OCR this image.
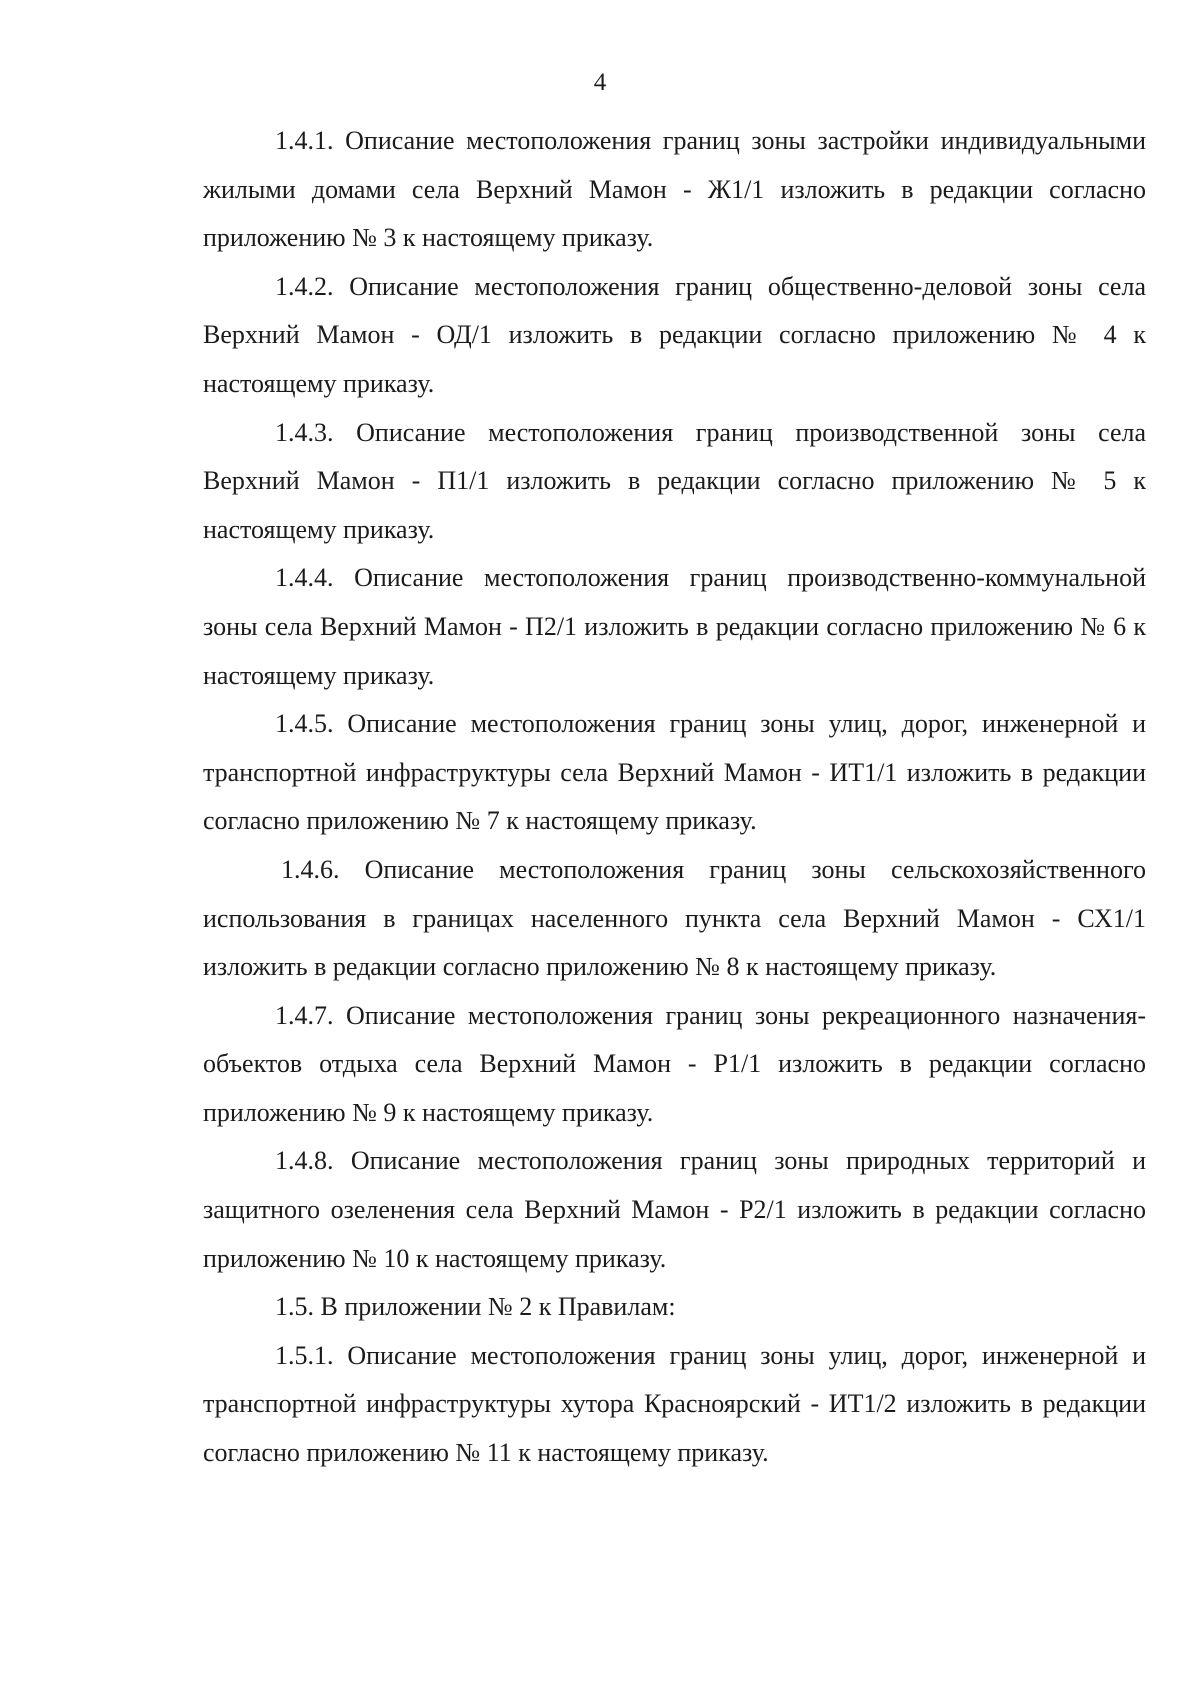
4

1.4.1. Описание местоположения границ зоны застройки индивидуальными жилыми домами села Верхний Мамон - Ж1/1 изложить в редакции согласно приложению № 3 к настоящему приказу.

1.4.2. Описание местоположения границ общественно-деловой зоны села Верхний Мамон - ОД/1 изложить в редакции согласно приложению № 4 к настоящему приказу.

1.4.3. Описание местоположения границ производственной зоны села Верхний Мамон - П1/1 изложить в редакции согласно приложению № 5 к настоящему приказу.

1.4.4. Описание местоположения границ производственно-коммунальной зоны села Верхний Мамон - П2/1 изложить в редакции согласно приложению № 6 к настоящему приказу.

1.4.5. Описание местоположения границ зоны улиц, дорог, инженерной и транспортной инфраструктуры села Верхний Мамон - ИТ1/1 изложить в редакции согласно приложению № 7 к настоящему приказу.

1.4.6. Описание местоположения границ зоны сельскохозяйственного использования в границах населенного пункта села Верхний Мамон - СХ1/1 изложить в редакции согласно приложению № 8 к настоящему приказу.

1.4.7. Описание местоположения границ зоны рекреационного назначения-объектов отдыха села Верхний Мамон - Р1/1 изложить в редакции согласно приложению № 9 к настоящему приказу.

1.4.8. Описание местоположения границ зоны природных территорий и защитного озеленения села Верхний Мамон - Р2/1 изложить в редакции согласно приложению № 10 к настоящему приказу.

1.5. В приложении № 2 к Правилам:

1.5.1. Описание местоположения границ зоны улиц, дорог, инженерной и транспортной инфраструктуры хутора Красноярский - ИТ1/2 изложить в редакции согласно приложению № 11 к настоящему приказу.
